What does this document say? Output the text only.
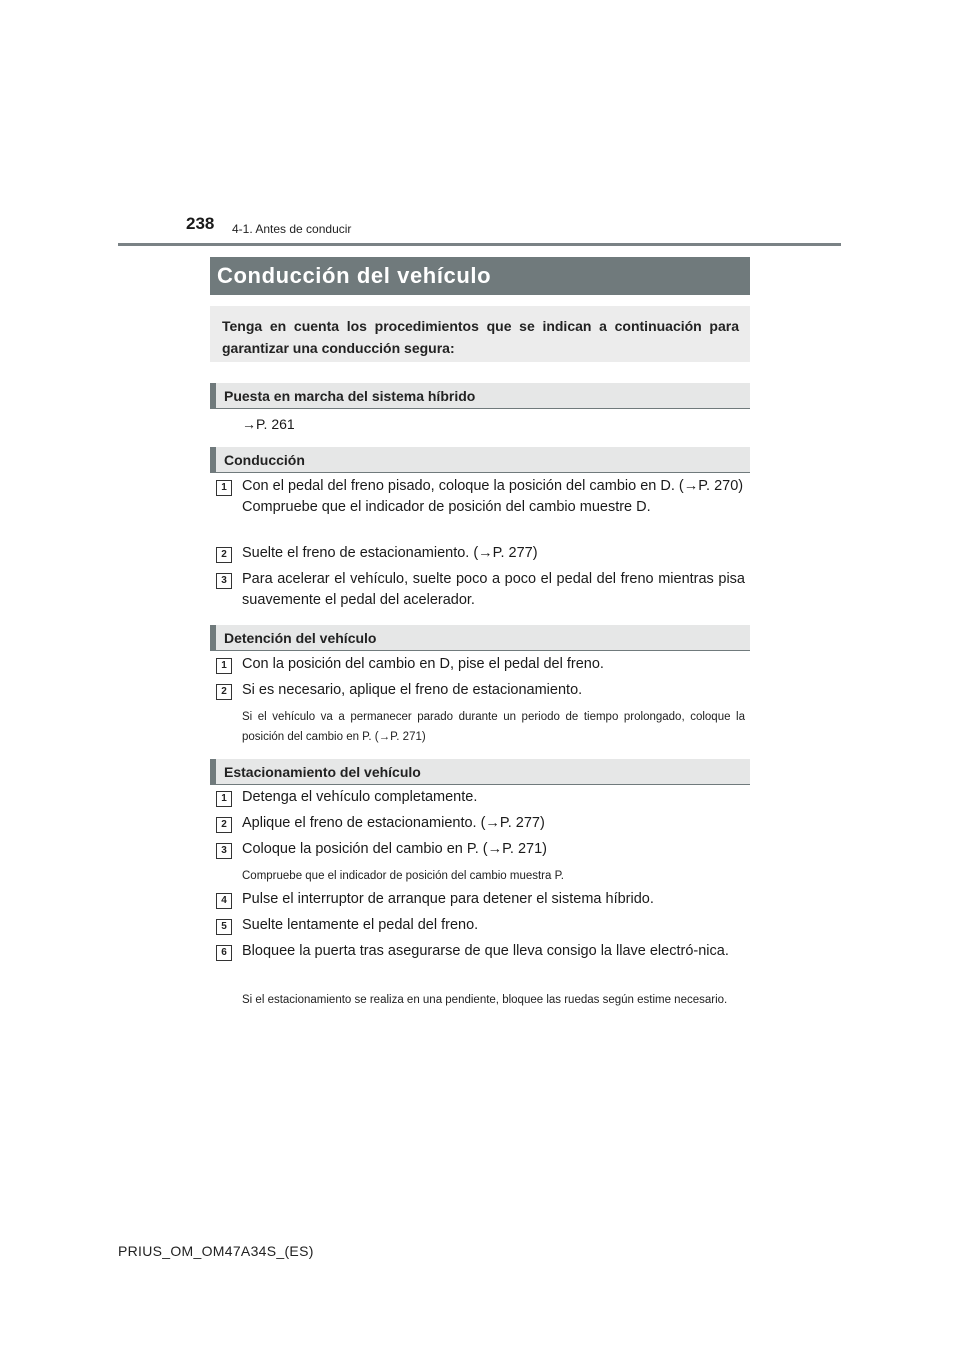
238 4-1. Antes de conducir
Conducción del vehículo
Tenga en cuenta los procedimientos que se indican a continuación para garantizar una conducción segura:
Puesta en marcha del sistema híbrido
→P. 261
Conducción
1	Con el pedal del freno pisado, coloque la posición del cambio en D. (→P. 270)
Compruebe que el indicador de posición del cambio muestre D.
2	Suelte el freno de estacionamiento. (→P. 277)
3	Para acelerar el vehículo, suelte poco a poco el pedal del freno mientras pisa suavemente el pedal del acelerador.
Detención del vehículo
1	Con la posición del cambio en D, pise el pedal del freno.
2	Si es necesario, aplique el freno de estacionamiento.
Si el vehículo va a permanecer parado durante un periodo de tiempo prolongado, coloque la posición del cambio en P. (→P. 271)
Estacionamiento del vehículo
1	Detenga el vehículo completamente.
2	Aplique el freno de estacionamiento. (→P. 277)
3	Coloque la posición del cambio en P. (→P. 271)
Compruebe que el indicador de posición del cambio muestra P.
4	Pulse el interruptor de arranque para detener el sistema híbrido.
5	Suelte lentamente el pedal del freno.
6	Bloquee la puerta tras asegurarse de que lleva consigo la llave electró-nica.
Si el estacionamiento se realiza en una pendiente, bloquee las ruedas según estime necesario.
PRIUS_OM_OM47A34S_(ES)
